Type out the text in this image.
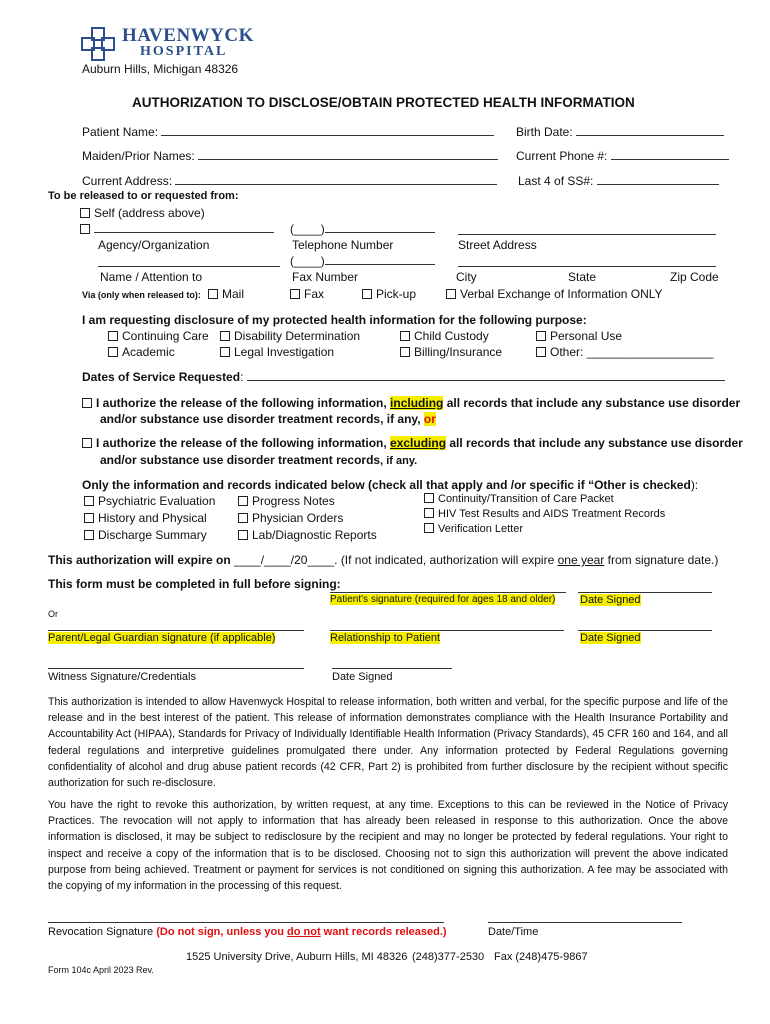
HAVENWYCK
HOSPITAL
Auburn Hills, Michigan 48326
AUTHORIZATION TO DISCLOSE/OBTAIN PROTECTED HEALTH INFORMATION
Patient Name:	Birth Date:
Maiden/Prior Names:	Current Phone #:
Current Address:	Last 4 of SS#:
To be released to or requested from:
Self (address above)
(____)
Agency/Organization	Telephone Number	Street Address
(____)
Name / Attention to	Fax Number	City	State	Zip Code
Via (only when released to):	Mail	Fax	Pick-up	Verbal Exchange of Information ONLY
I am requesting disclosure of my protected health information for the following purpose:
Continuing Care	Disability Determination	Child Custody	Personal Use
Academic	Legal Investigation	Billing/Insurance	Other: ___________________
Dates of Service Requested:
I authorize the release of the following information, including all records that include any substance use disorder
and/or substance use disorder treatment records, if any, or
I authorize the release of the following information, excluding all records that include any substance use disorder
and/or substance use disorder treatment records, if any.
Only the information and records indicated below (check all that apply and /or specific if “Other is checked):
Psychiatric Evaluation
History and Physical
Discharge Summary
Progress Notes
Physician Orders
Lab/Diagnostic Reports
Continuity/Transition of Care Packet
HIV Test Results and AIDS Treatment Records
Verification Letter
This authorization will expire on ____/____/20____. (If not indicated, authorization will expire one year from signature date.)
This form must be completed in full before signing:
Patient's signature (required for ages 18 and older) Date Signed
Or
Parent/Legal Guardian signature (if applicable)	Relationship to Patient	Date Signed
Witness Signature/Credentials	Date Signed
This authorization is intended to allow Havenwyck Hospital to release information, both written and verbal, for the specific purpose and life of the release and in the best interest of the patient. This release of information demonstrates compliance with the Health Insurance Portability and Accountability Act (HIPAA), Standards for Privacy of Individually Identifiable Health Information (Privacy Standards), 45 CFR 160 and 164, and all federal regulations and interpretive guidelines promulgated there under. Any information protected by Federal Regulations governing confidentiality of alcohol and drug abuse patient records (42 CFR, Part 2) is prohibited from further disclosure by the recipient without specific authorization for such re-disclosure.
You have the right to revoke this authorization, by written request, at any time. Exceptions to this can be reviewed in the Notice of Privacy Practices. The revocation will not apply to information that has already been released in response to this authorization. Once the above information is disclosed, it may be subject to redisclosure by the recipient and may no longer be protected by federal regulations. Your right to inspect and receive a copy of the information that is to be disclosed. Choosing not to sign this authorization will prevent the above indicated purpose from being achieved. Treatment or payment for services is not conditioned on signing this authorization. A fee may be associated with the copying of my information in the processing of this request.
Revocation Signature (Do not sign, unless you do not want records released.)	Date/Time
1525 University Drive, Auburn Hills, MI 48326 (248)377-2530 Fax (248)475-9867
Form 104c April 2023 Rev.
